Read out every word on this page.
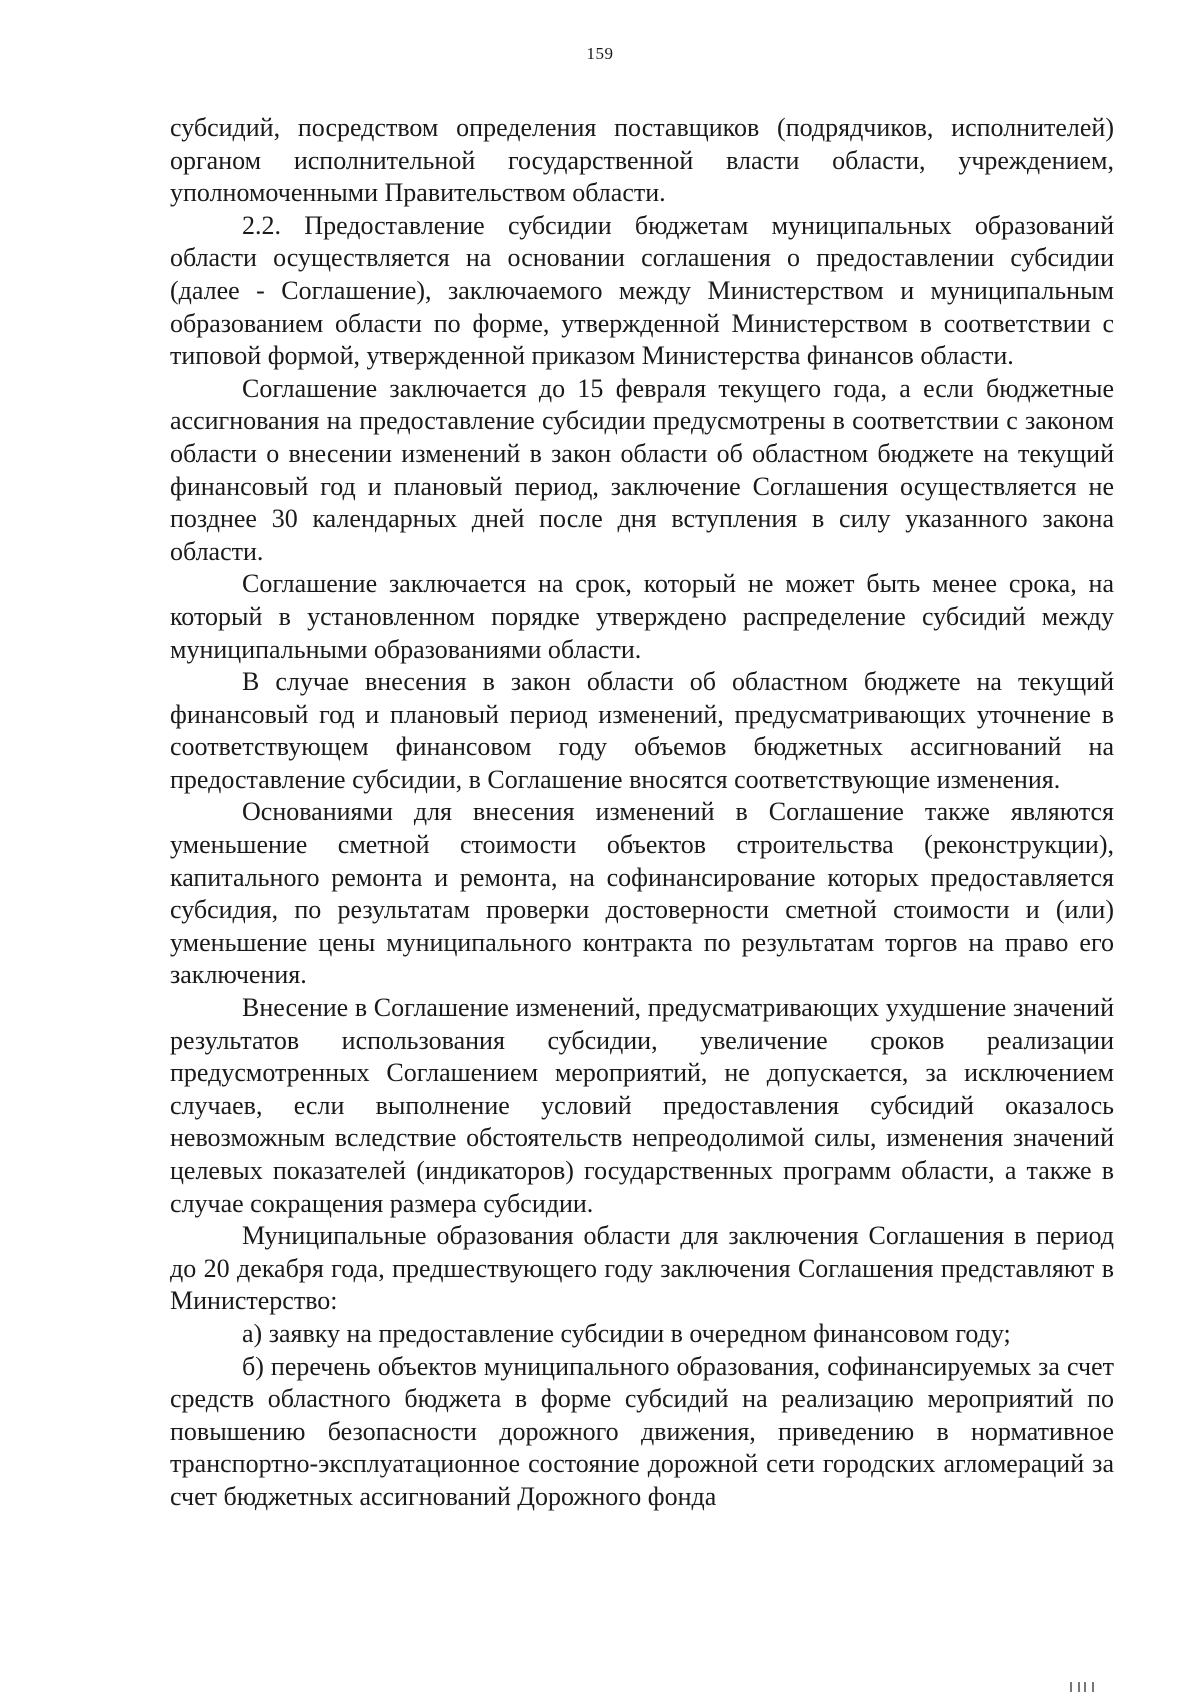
159

субсидий, посредством определения поставщиков (подрядчиков, исполнителей) органом исполнительной государственной власти области, учреждением, уполномоченными Правительством области.

2.2. Предоставление субсидии бюджетам муниципальных образований области осуществляется на основании соглашения о предоставлении субсидии (далее - Соглашение), заключаемого между Министерством и муниципальным образованием области по форме, утвержденной Министерством в соответствии с типовой формой, утвержденной приказом Министерства финансов области.

Соглашение заключается до 15 февраля текущего года, а если бюджетные ассигнования на предоставление субсидии предусмотрены в соответствии с законом области о внесении изменений в закон области об областном бюджете на текущий финансовый год и плановый период, заключение Соглашения осуществляется не позднее 30 календарных дней после дня вступления в силу указанного закона области.

Соглашение заключается на срок, который не может быть менее срока, на который в установленном порядке утверждено распределение субсидий между муниципальными образованиями области.

В случае внесения в закон области об областном бюджете на текущий финансовый год и плановый период изменений, предусматривающих уточнение в соответствующем финансовом году объемов бюджетных ассигнований на предоставление субсидии, в Соглашение вносятся соответствующие изменения.

Основаниями для внесения изменений в Соглашение также являются уменьшение сметной стоимости объектов строительства (реконструкции), капитального ремонта и ремонта, на софинансирование которых предоставляется субсидия, по результатам проверки достоверности сметной стоимости и (или) уменьшение цены муниципального контракта по результатам торгов на право его заключения.

Внесение в Соглашение изменений, предусматривающих ухудшение значений результатов использования субсидии, увеличение сроков реализации предусмотренных Соглашением мероприятий, не допускается, за исключением случаев, если выполнение условий предоставления субсидий оказалось невозможным вследствие обстоятельств непреодолимой силы, изменения значений целевых показателей (индикаторов) государственных программ области, а также в случае сокращения размера субсидии.

Муниципальные образования области для заключения Соглашения в период до 20 декабря года, предшествующего году заключения Соглашения представляют в Министерство:

а) заявку на предоставление субсидии в очередном финансовом году;

б) перечень объектов муниципального образования, софинансируемых за счет средств областного бюджета в форме субсидий на реализацию мероприятий по повышению безопасности дорожного движения, приведению в нормативное транспортно-эксплуатационное состояние дорожной сети городских агломераций за счет бюджетных ассигнований Дорожного фонда
